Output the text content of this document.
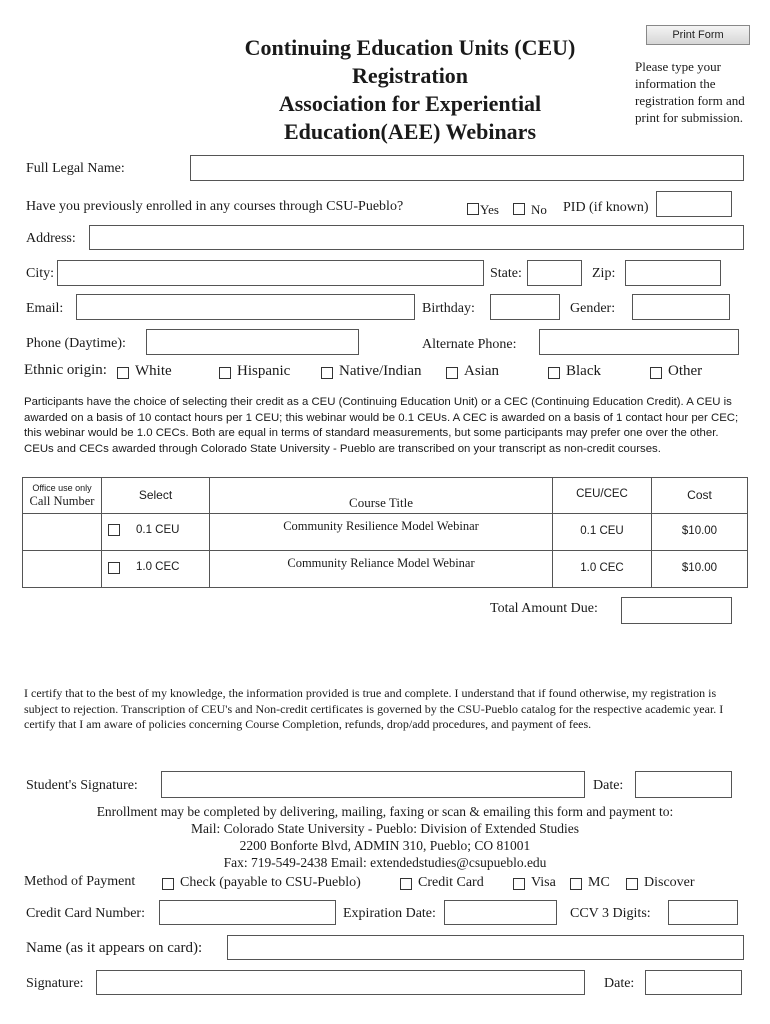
Print Form
Continuing Education Units (CEU)
Registration
Association for Experiential
Education(AEE) Webinars
Please type your information the registration form and print for submission.
Full Legal Name:
Have you previously enrolled in any courses through CSU-Pueblo?	Yes No PID (if known)
Address:
City:	State:	Zip:
Email:	Birthday:	Gender:
Phone (Daytime):	Alternate Phone:
Ethnic origin: White	Hispanic	Native/Indian	Asian	Black	Other
Participants have the choice of selecting their credit as a CEU (Continuing Education Unit) or a CEC (Continuing Education Credit). A CEU is awarded on a basis of 10 contact hours per 1 CEU; this webinar would be 0.1 CEUs. A CEC is awarded on a basis of 1 contact hour per CEC; this webinar would be 1.0 CECs. Both are equal in terms of standard measurements, but some participants may prefer one over the other. CEUs and CECs awarded through Colorado State University - Pueblo are transcribed on your transcript as non-credit courses.
Office use only
Call Number	Select	Course Title	CEU/CEC	Cost

	0.1 CEU	Community Resilience Model Webinar	0.1 CEU	$10.00

	1.0 CEC	Community Reliance Model Webinar	1.0 CEC	$10.00
Total Amount Due:
I certify that to the best of my knowledge, the information provided is true and complete. I understand that if found otherwise, my registration is subject to rejection. Transcription of CEU's and Non-credit certificates is governed by the CSU-Pueblo catalog for the respective academic year. I certify that I am aware of policies concerning Course Completion, refunds, drop/add procedures, and payment of fees.
Student's Signature:	Date:
Enrollment may be completed by delivering, mailing, faxing or scan & emailing this form and payment to:
Mail: Colorado State University - Pueblo: Division of Extended Studies
2200 Bonforte Blvd, ADMIN 310, Pueblo; CO 81001
Fax: 719-549-2438 Email: extendedstudies@csupueblo.edu
Method of Payment	Check (payable to CSU-Pueblo)	Credit Card	Visa MC Discover
Credit Card Number:	Expiration Date:	CCV 3 Digits:
Name (as it appears on card):
Signature:	Date:
